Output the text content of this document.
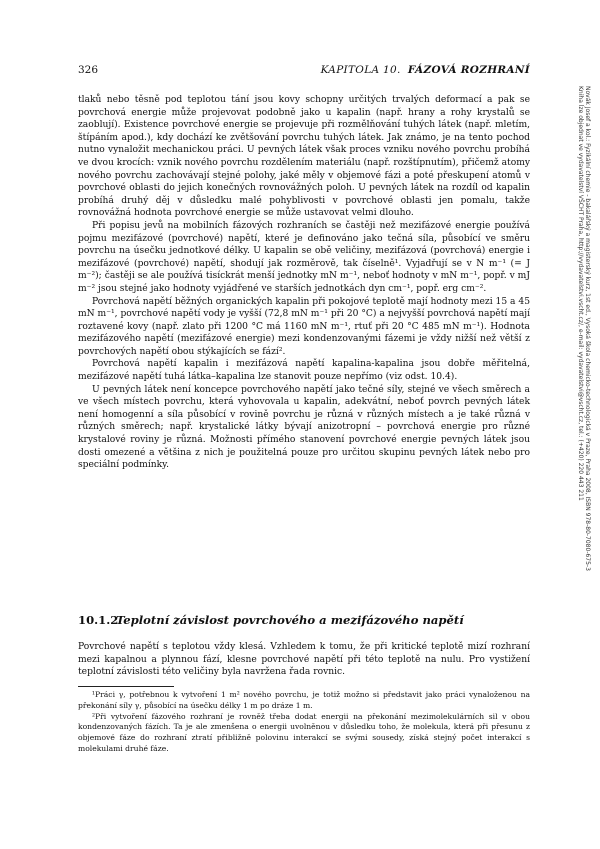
326	KAPITOLA 10. FÁZOVÁ ROZHRANÍ

tlaků nebo těsně pod teplotou tání jsou kovy schopny určitých trvalých deformací a pak se povrchová energie může projevovat podobně jako u kapalin (např. hrany a rohy krystalů se zaoblují). Existence povrchové energie se projevuje při rozmělňování tuhých látek (např. mletím, štípáním apod.), kdy dochází ke zvětšování povrchu tuhých látek. Jak známo, je na tento pochod nutno vynaložit mechanickou práci. U pevných látek však proces vzniku nového povrchu probíhá ve dvou krocích: vznik nového povrchu rozdělením materiálu (např. rozštípnutím), přičemž atomy nového povrchu zachovávají stejné polohy, jaké měly v objemové fázi a poté přeskupení atomů v povrchové oblasti do jejich konečných rovnovážných poloh. U pevných látek na rozdíl od kapalin probíhá druhý děj v důsledku malé pohyblivosti v povrchové oblasti jen pomalu, takže rovnovážná hodnota povrchové energie se může ustavovat velmi dlouho.

Při popisu jevů na mobilních fázových rozhraních se častěji než mezifázové energie používá pojmu mezifázové (povrchové) napětí, které je definováno jako tečná síla, působící ve směru povrchu na úsečku jednotkové délky. U kapalin se obě veličiny, mezifázová (povrchová) energie i mezifázové (povrchové) napětí, shodují jak rozměrově, tak číselně¹. Vyjadřují se v N m⁻¹ (= J m⁻²); častěji se ale používá tisíckrát menší jednotky mN m⁻¹, neboť hodnoty v mN m⁻¹, popř. v mJ m⁻² jsou stejné jako hodnoty vyjádřené ve starších jednotkách dyn cm⁻¹, popř. erg cm⁻².

Povrchová napětí běžných organických kapalin při pokojové teplotě mají hodnoty mezi 15 a 45 mN m⁻¹, povrchové napětí vody je vyšší (72,8 mN m⁻¹ při 20 °C) a nejvyšší povrchová napětí mají roztavené kovy (např. zlato při 1200 °C má 1160 mN m⁻¹, rtuť při 20 °C 485 mN m⁻¹). Hodnota mezifázového napětí (mezifázové energie) mezi kondenzovanými fázemi je vždy nižší než větší z povrchových napětí obou stýkajících se fází².

Povrchová napětí kapalin i mezifázová napětí kapalina-kapalina jsou dobře měřitelná, mezifázové napětí tuhá látka–kapalina lze stanovit pouze nepřímo (viz odst. 10.4).

U pevných látek není koncepce povrchového napětí jako tečné síly, stejné ve všech směrech a ve všech místech povrchu, která vyhovovala u kapalin, adekvátní, neboť povrch pevných látek není homogenní a síla působící v rovině povrchu je různá v různých místech a je také různá v různých směrech; např. krystalické látky bývají anizotropní – povrchová energie pro různé krystalové roviny je různá. Možnosti přímého stanovení povrchové energie pevných látek jsou dosti omezené a většina z nich je použitelná pouze pro určitou skupinu pevných látek nebo pro speciální podmínky.

10.1.2Teplotní závislost povrchového a mezifázového napětí

Povrchové napětí s teplotou vždy klesá. Vzhledem k tomu, že při kritické teplotě mizí rozhraní mezi kapalnou a plynnou fází, klesne povrchové napětí při této teplotě na nulu. Pro vystižení teplotní závislosti této veličiny byla navržena řada rovnic.

¹Práci γ, potřebnou k vytvoření 1 m² nového povrchu, je totiž možno si představit jako práci vynaloženou na překonání síly γ, působící na úsečku délky 1 m po dráze 1 m.

²Při vytvoření fázového rozhraní je rovněž třeba dodat energii na překonání mezimolekulárních sil v obou kondenzovaných fázích. Ta je ale zmenšena o energii uvolněnou v důsledku toho, že molekula, která při přesunu z objemové fáze do rozhraní ztratí přibližně polovinu interakcí se svými sousedy, získá stejný počet interakcí s molekulami druhé fáze.

Novák Josef a kol.: Fyzikální chemie - bakalářský a magisterský kurz, 1st ed., Vysoká škola chemicko-technologická v Praze, Praha 2008, ISBN 978-80-7080-675-3
Kniha lze objednat ve vydavatelství VŠCHT Praha, http://vydavatelstvi.vscht.cz/, e-mail: vydavatelstvi@vscht.cz, tel.: (+420) 220 443 211
